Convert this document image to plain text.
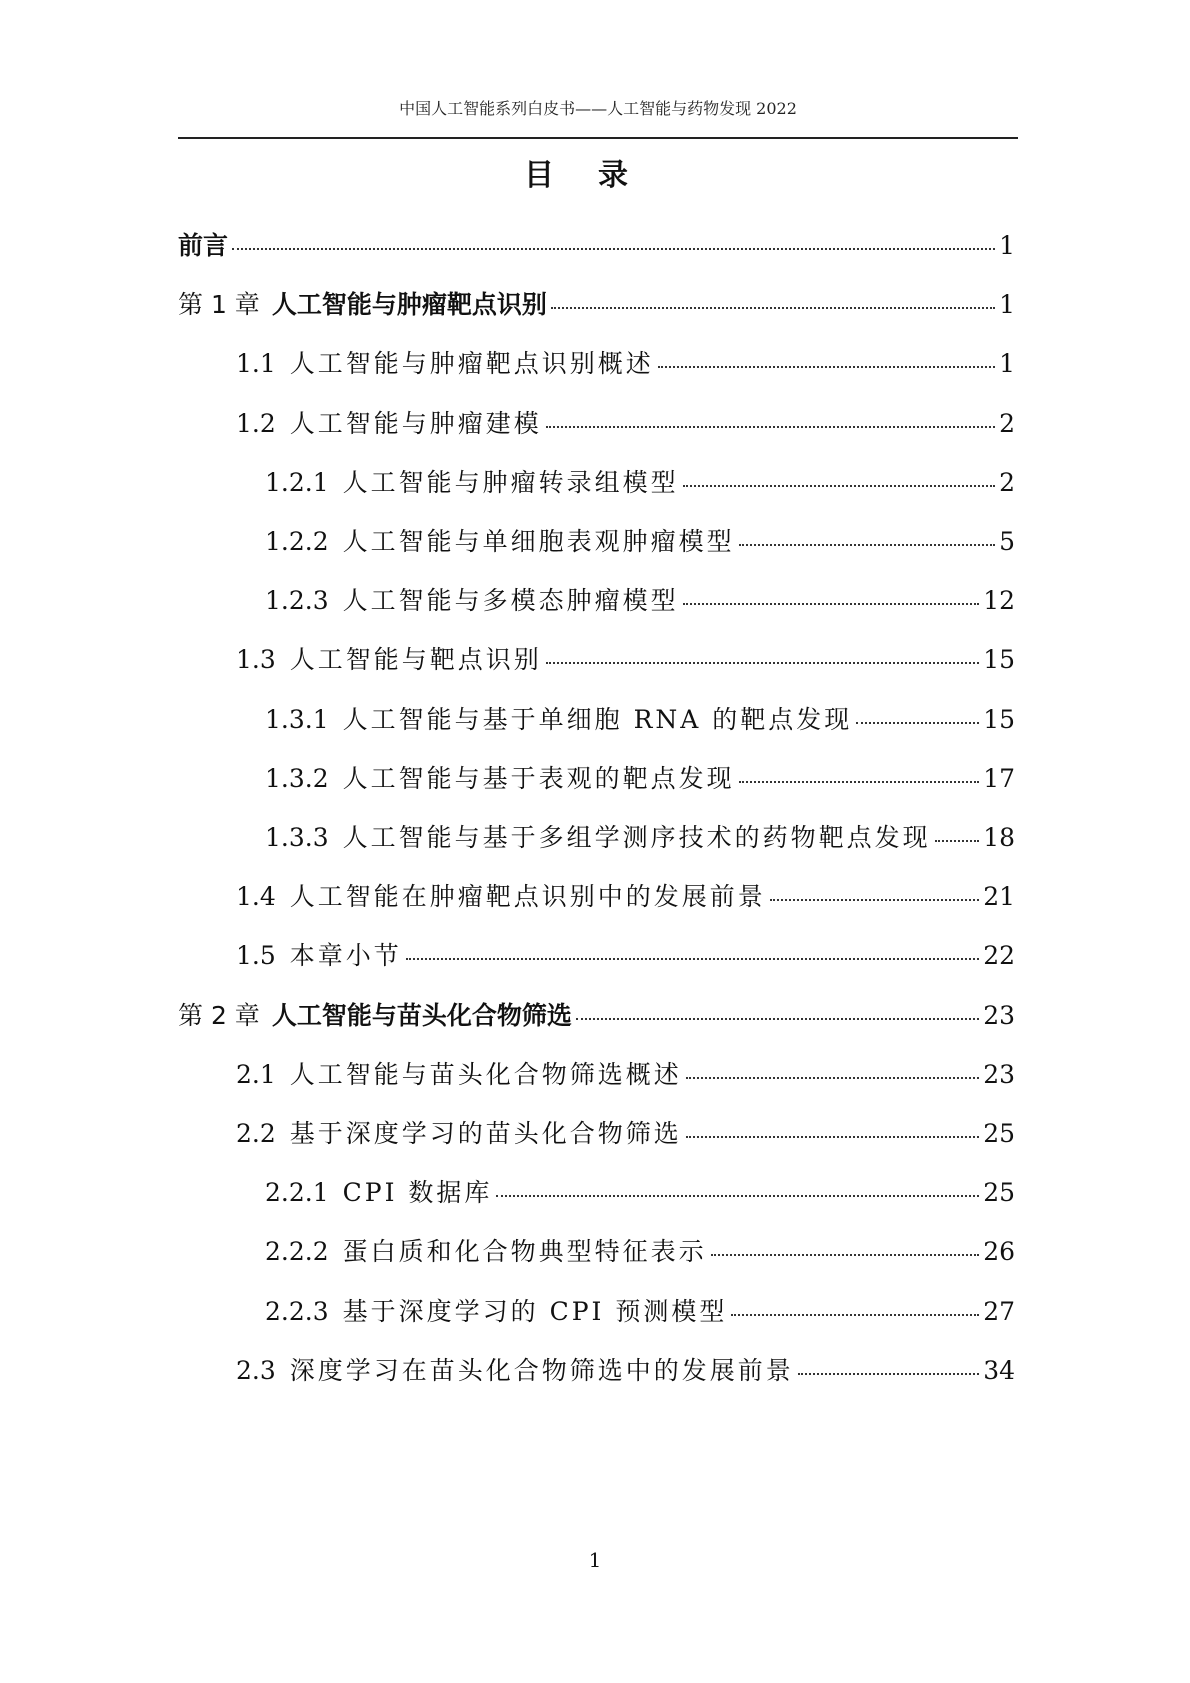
中国人工智能系列白皮书——人工智能与药物发现 2022
目录
前言	1
第 1 章 人工智能与肿瘤靶点识别	1
1.1 人工智能与肿瘤靶点识别概述	1
1.2 人工智能与肿瘤建模	2
1.2.1 人工智能与肿瘤转录组模型	2
1.2.2 人工智能与单细胞表观肿瘤模型	5
1.2.3 人工智能与多模态肿瘤模型	12
1.3 人工智能与靶点识别	15
1.3.1 人工智能与基于单细胞 RNA 的靶点发现	15
1.3.2 人工智能与基于表观的靶点发现	17
1.3.3 人工智能与基于多组学测序技术的药物靶点发现 18
1.4 人工智能在肿瘤靶点识别中的发展前景	21
1.5 本章小节	22
第 2 章 人工智能与苗头化合物筛选	23
2.1 人工智能与苗头化合物筛选概述	23
2.2 基于深度学习的苗头化合物筛选	25
2.2.1 CPI 数据库	25
2.2.2 蛋白质和化合物典型特征表示	26
2.2.3 基于深度学习的 CPI 预测模型	27
2.3 深度学习在苗头化合物筛选中的发展前景	34
1
